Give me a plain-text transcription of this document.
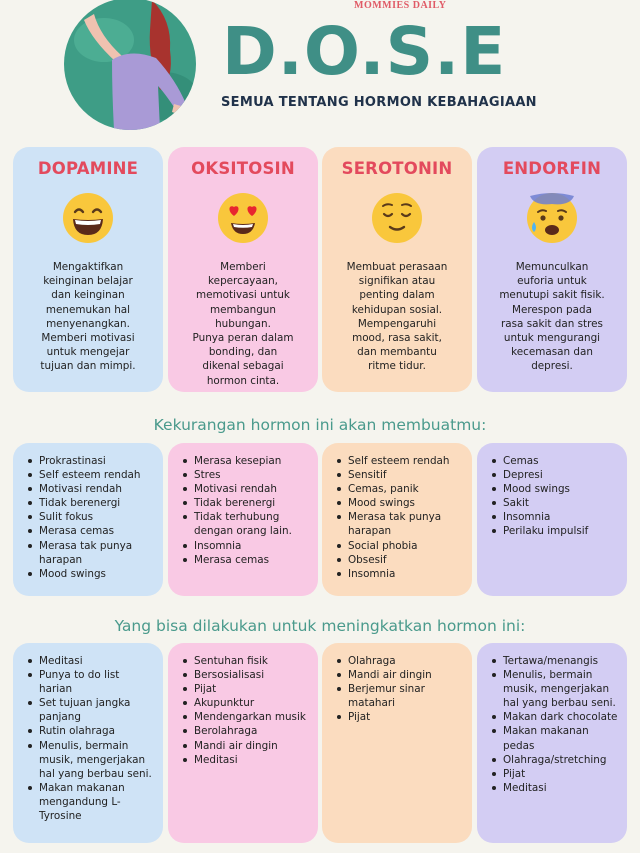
MOMMIES DAILY
D.O.S.E
SEMUA TENTANG HORMON KEBAHAGIAAN
DOPAMINE
Mengaktifkan
keinginan belajar
dan keinginan
menemukan hal
menyenangkan.
Memberi motivasi
untuk mengejar
tujuan dan mimpi.
OKSITOSIN
Memberi
kepercayaan,
memotivasi untuk
membangun
hubungan.
Punya peran dalam
bonding, dan
dikenal sebagai
hormon cinta.
SEROTONIN
Membuat perasaan
signifikan atau
penting dalam
kehidupan sosial.
Mempengaruhi
mood, rasa sakit,
dan membantu
ritme tidur.
ENDORFIN
Memunculkan
euforia untuk
menutupi sakit fisik.
Merespon pada
rasa sakit dan stres
untuk mengurangi
kecemasan dan
depresi.
Kekurangan hormon ini akan membuatmu:
Prokrastinasi
Self esteem rendah
Motivasi rendah
Tidak berenergi
Sulit fokus
Merasa cemas
Merasa tak punya harapan
Mood swings
Merasa kesepian
Stres
Motivasi rendah
Tidak berenergi
Tidak terhubung dengan orang lain.
Insomnia
Merasa cemas
Self esteem rendah
Sensitif
Cemas, panik
Mood swings
Merasa tak punya harapan
Social phobia
Obsesif
Insomnia
Cemas
Depresi
Mood swings
Sakit
Insomnia
Perilaku impulsif
Yang bisa dilakukan untuk meningkatkan hormon ini:
Meditasi
Punya to do list harian
Set tujuan jangka panjang
Rutin olahraga
Menulis, bermain musik, mengerjakan hal yang berbau seni.
Makan makanan mengandung L-Tyrosine
Sentuhan fisik
Bersosialisasi
Pijat
Akupunktur
Mendengarkan musik
Berolahraga
Mandi air dingin
Meditasi
Olahraga
Mandi air dingin
Berjemur sinar matahari
Pijat
Tertawa/menangis
Menulis, bermain musik, mengerjakan hal yang berbau seni.
Makan dark chocolate
Makan makanan pedas
Olahraga/stretching
Pijat
Meditasi
